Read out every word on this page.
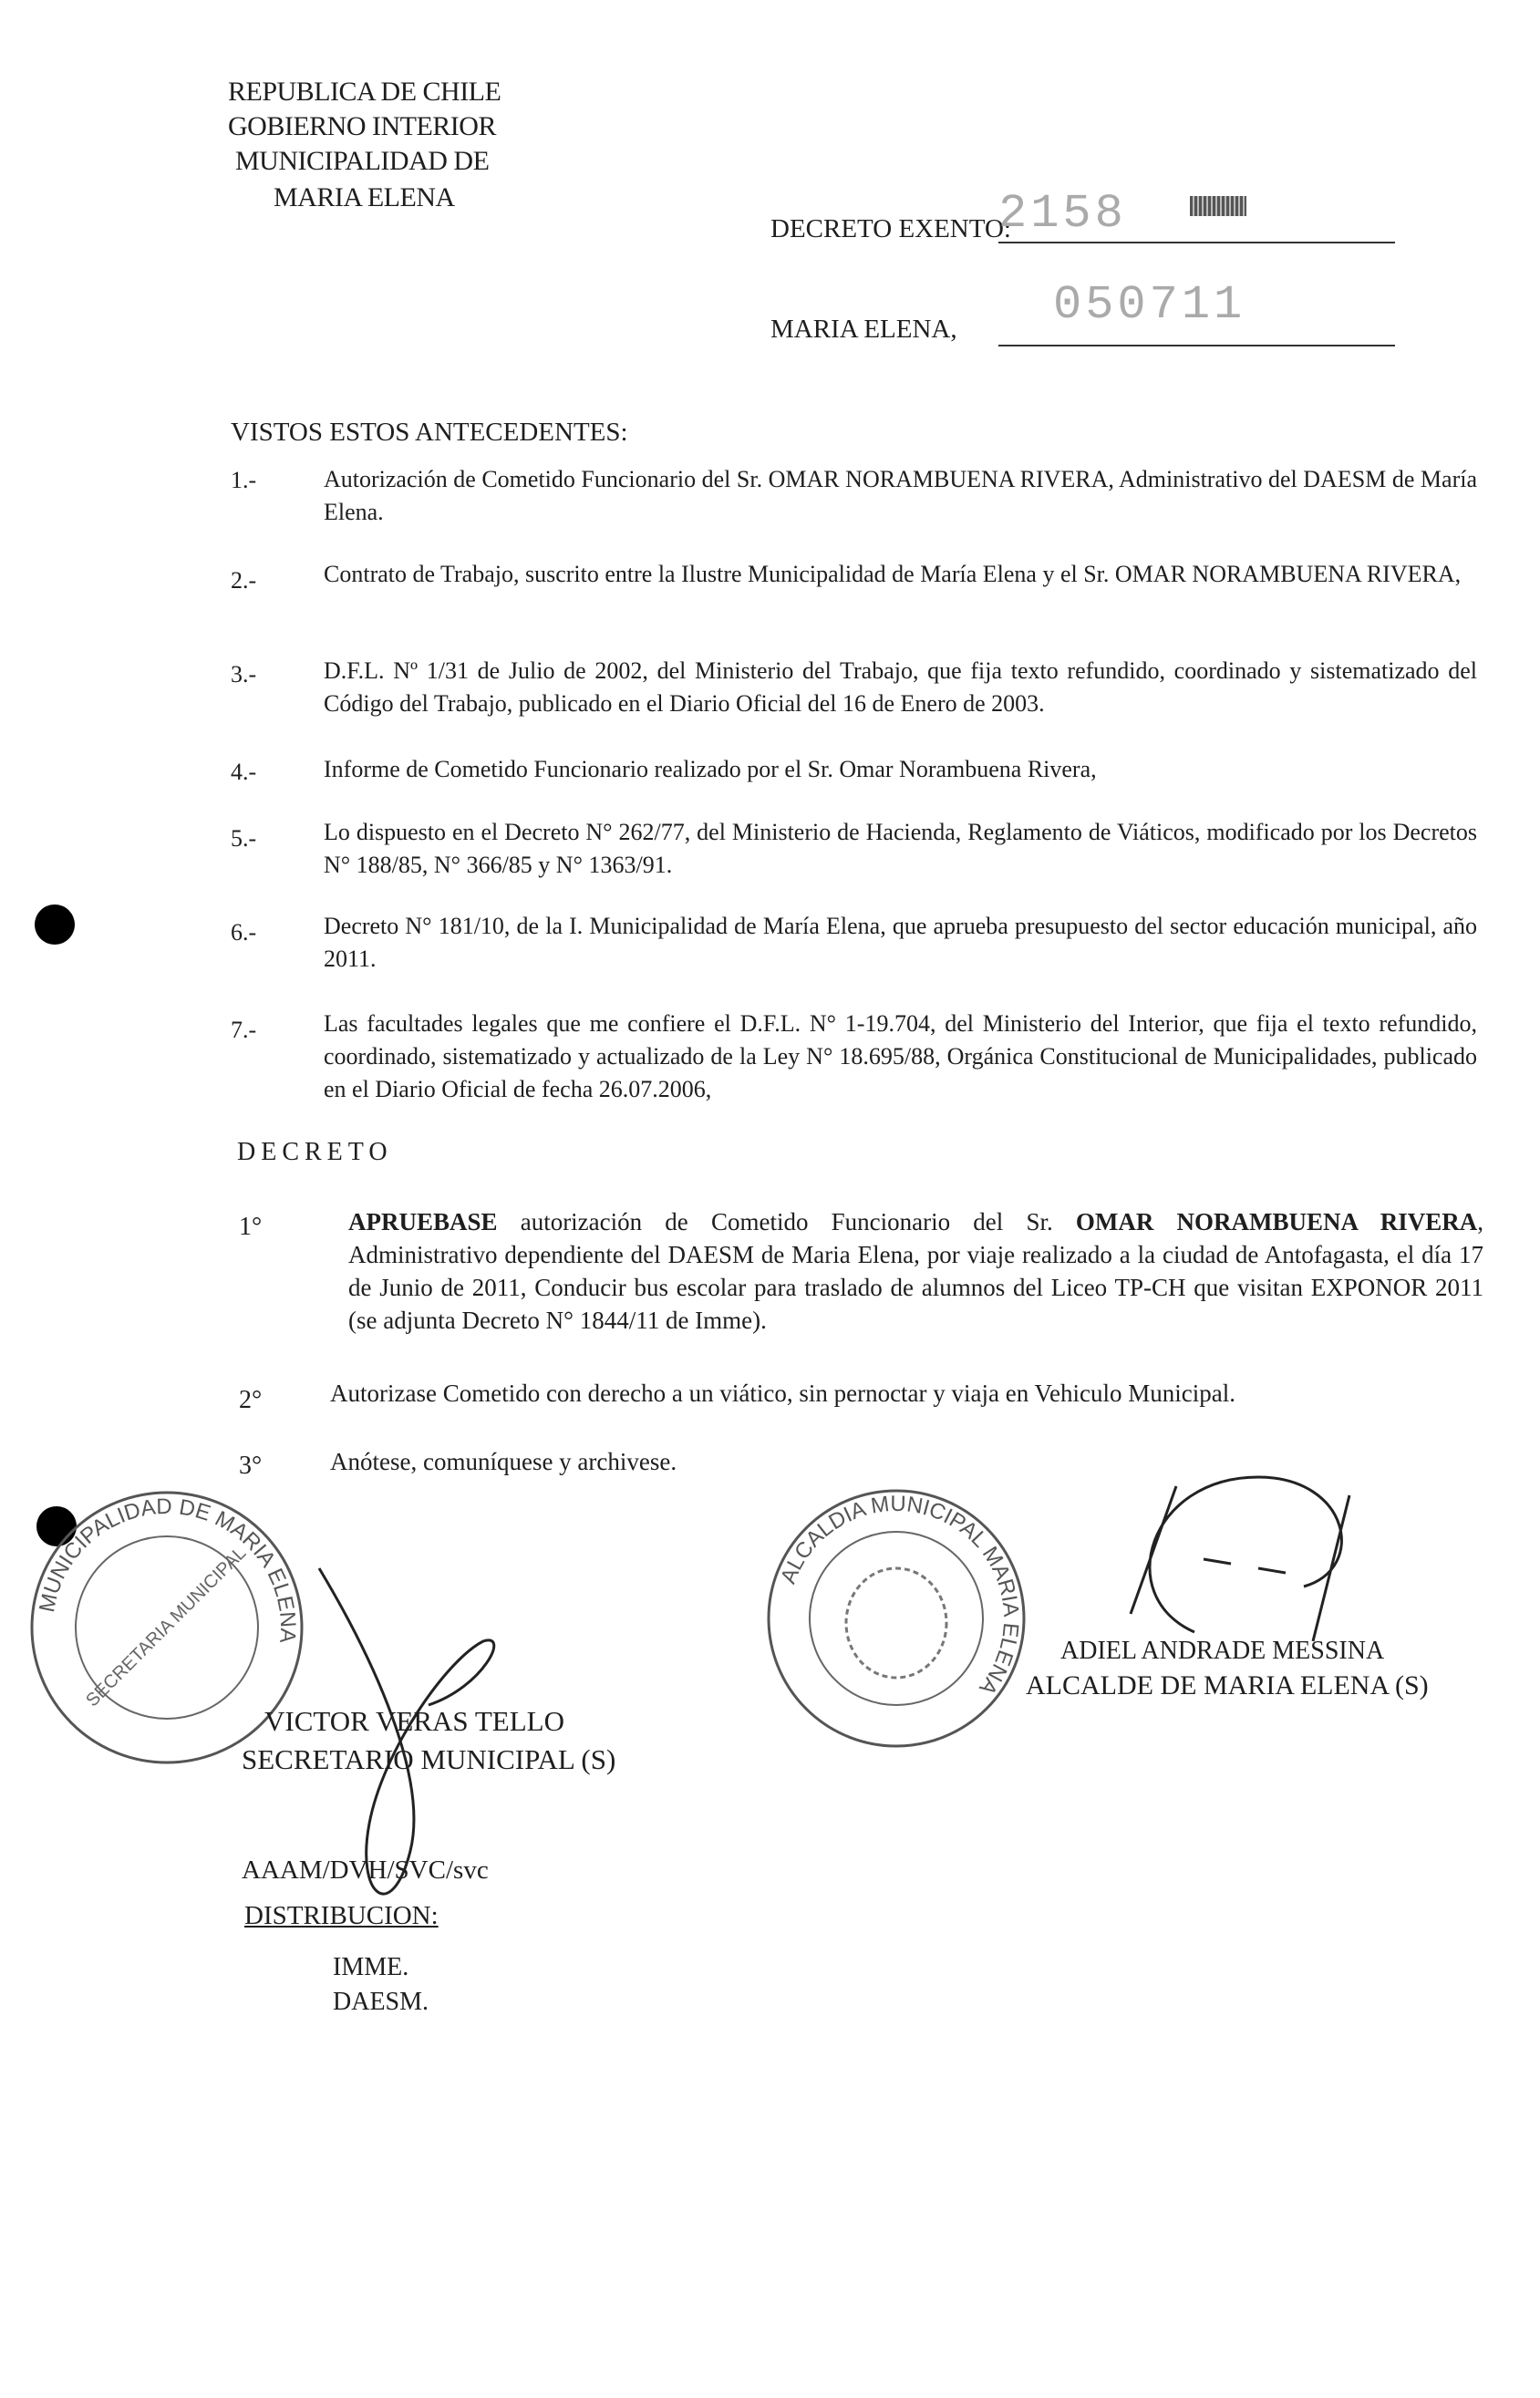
REPUBLICA DE CHILE
GOBIERNO INTERIOR
MUNICIPALIDAD DE
MARIA ELENA
DECRETO EXENTO:
2158
MARIA ELENA, 050711
VISTOS ESTOS ANTECEDENTES:
1.-	Autorización de Cometido Funcionario del Sr. OMAR NORAMBUENA RIVERA, Administrativo del DAESM de María Elena.
2.-	Contrato de Trabajo, suscrito entre la Ilustre Municipalidad de María Elena y el Sr. OMAR NORAMBUENA RIVERA,
3.-	D.F.L. Nº 1/31 de Julio de 2002, del Ministerio del Trabajo, que fija texto refundido, coordinado y sistematizado del Código del Trabajo, publicado en el Diario Oficial del 16 de Enero de 2003.
4.-	Informe de Cometido Funcionario realizado por el Sr. Omar Norambuena Rivera,
5.-	Lo dispuesto en el Decreto N° 262/77, del Ministerio de Hacienda, Reglamento de Viáticos, modificado por los Decretos N° 188/85, N° 366/85 y N° 1363/91.
6.-	Decreto N° 181/10, de la I. Municipalidad de María Elena, que aprueba presupuesto del sector educación municipal, año 2011.
7.-	Las facultades legales que me confiere el D.F.L. N° 1-19.704, del Ministerio del Interior, que fija el texto refundido, coordinado, sistematizado y actualizado de la Ley N° 18.695/88, Orgánica Constitucional de Municipalidades, publicado en el Diario Oficial de fecha 26.07.2006,
DECRETO
1°	APRUEBASE autorización de Cometido Funcionario del Sr. OMAR NORAMBUENA RIVERA, Administrativo dependiente del DAESM de Maria Elena, por viaje realizado a la ciudad de Antofagasta, el día 17 de Junio de 2011, Conducir bus escolar para traslado de alumnos del Liceo TP-CH que visitan EXPONOR 2011 (se adjunta Decreto N° 1844/11 de Imme).
2°	Autorizase Cometido con derecho a un viático, sin pernoctar y viaja en Vehiculo Municipal.
3°	Anótese, comuníquese y archivese.
MUNICIPALIDAD DE MARIA ELENA
SECRETARIA MUNICIPAL
VICTOR VERAS TELLO
SECRETARIO MUNICIPAL (S)
ALCALDIA MUNICIPAL MARIA ELENA
ADIEL ANDRADE MESSINA
ALCALDE DE MARIA ELENA (S)
AAAM/DVH/SVC/svc
DISTRIBUCION:
IMME.
DAESM.
